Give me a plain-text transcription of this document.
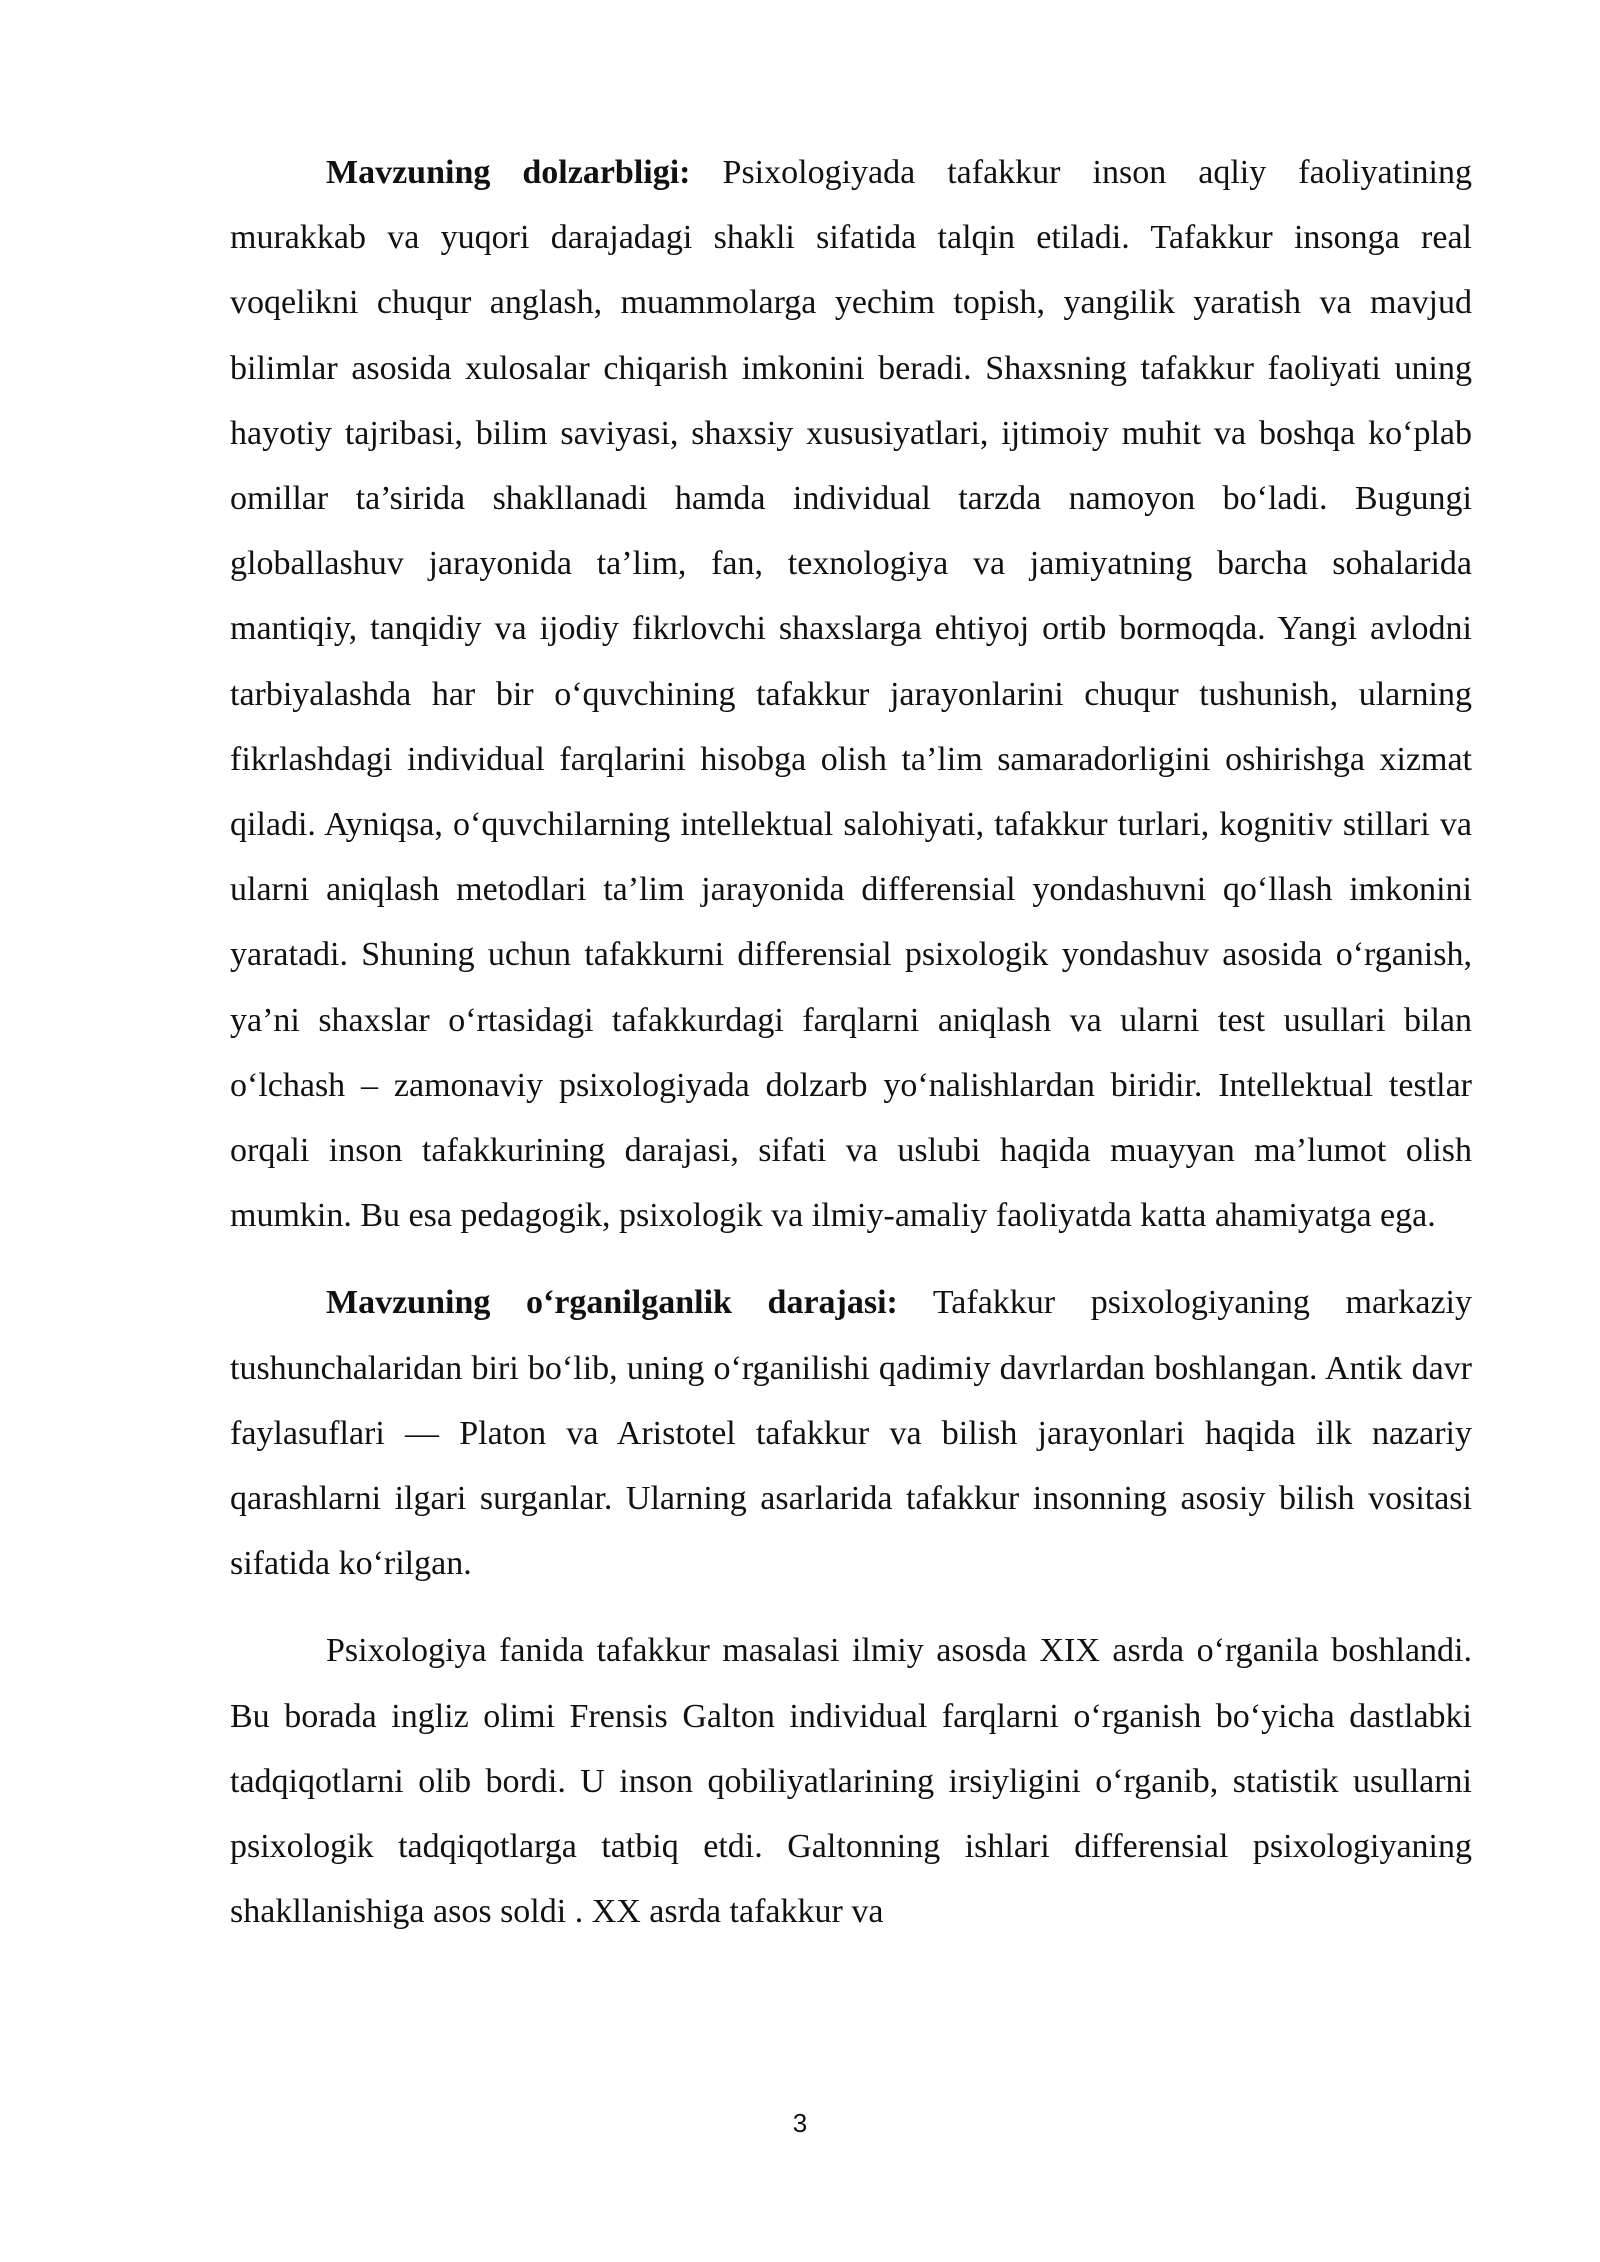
Mavzuning dolzarbligi: Psixologiyada tafakkur inson aqliy faoliyatining murakkab va yuqori darajadagi shakli sifatida talqin etiladi. Tafakkur insonga real voqelikni chuqur anglash, muammolarga yechim topish, yangilik yaratish va mavjud bilimlar asosida xulosalar chiqarish imkonini beradi. Shaxsning tafakkur faoliyati uning hayotiy tajribasi, bilim saviyasi, shaxsiy xususiyatlari, ijtimoiy muhit va boshqa ko‘plab omillar ta’sirida shakllanadi hamda individual tarzda namoyon bo‘ladi. Bugungi globallashuv jarayonida ta’lim, fan, texnologiya va jamiyatning barcha sohalarida mantiqiy, tanqidiy va ijodiy fikrlovchi shaxslarga ehtiyoj ortib bormoqda. Yangi avlodni tarbiyalashda har bir o‘quvchining tafakkur jarayonlarini chuqur tushunish, ularning fikrlashdagi individual farqlarini hisobga olish ta’lim samaradorligini oshirishga xizmat qiladi. Ayniqsa, o‘quvchilarning intellektual salohiyati, tafakkur turlari, kognitiv stillari va ularni aniqlash metodlari ta’lim jarayonida differensial yondashuvni qo‘llash imkonini yaratadi. Shuning uchun tafakkurni differensial psixologik yondashuv asosida o‘rganish, ya’ni shaxslar o‘rtasidagi tafakkurdagi farqlarni aniqlash va ularni test usullari bilan o‘lchash – zamonaviy psixologiyada dolzarb yo‘nalishlardan biridir. Intellektual testlar orqali inson tafakkurining darajasi, sifati va uslubi haqida muayyan ma’lumot olish mumkin. Bu esa pedagogik, psixologik va ilmiy-amaliy faoliyatda katta ahamiyatga ega.

Mavzuning o‘rganilganlik darajasi: Tafakkur psixologiyaning markaziy tushunchalaridan biri bo‘lib, uning o‘rganilishi qadimiy davrlardan boshlangan. Antik davr faylasuflari — Platon va Aristotel tafakkur va bilish jarayonlari haqida ilk nazariy qarashlarni ilgari surganlar. Ularning asarlarida tafakkur insonning asosiy bilish vositasi sifatida ko‘rilgan.

Psixologiya fanida tafakkur masalasi ilmiy asosda XIX asrda o‘rganila boshlandi. Bu borada ingliz olimi Frensis Galton individual farqlarni o‘rganish bo‘yicha dastlabki tadqiqotlarni olib bordi. U inson qobiliyatlarining irsiyligini o‘rganib, statistik usullarni psixologik tadqiqotlarga tatbiq etdi. Galtonning ishlari differensial psixologiyaning shakllanishiga asos soldi . XX asrda tafakkur va

3
